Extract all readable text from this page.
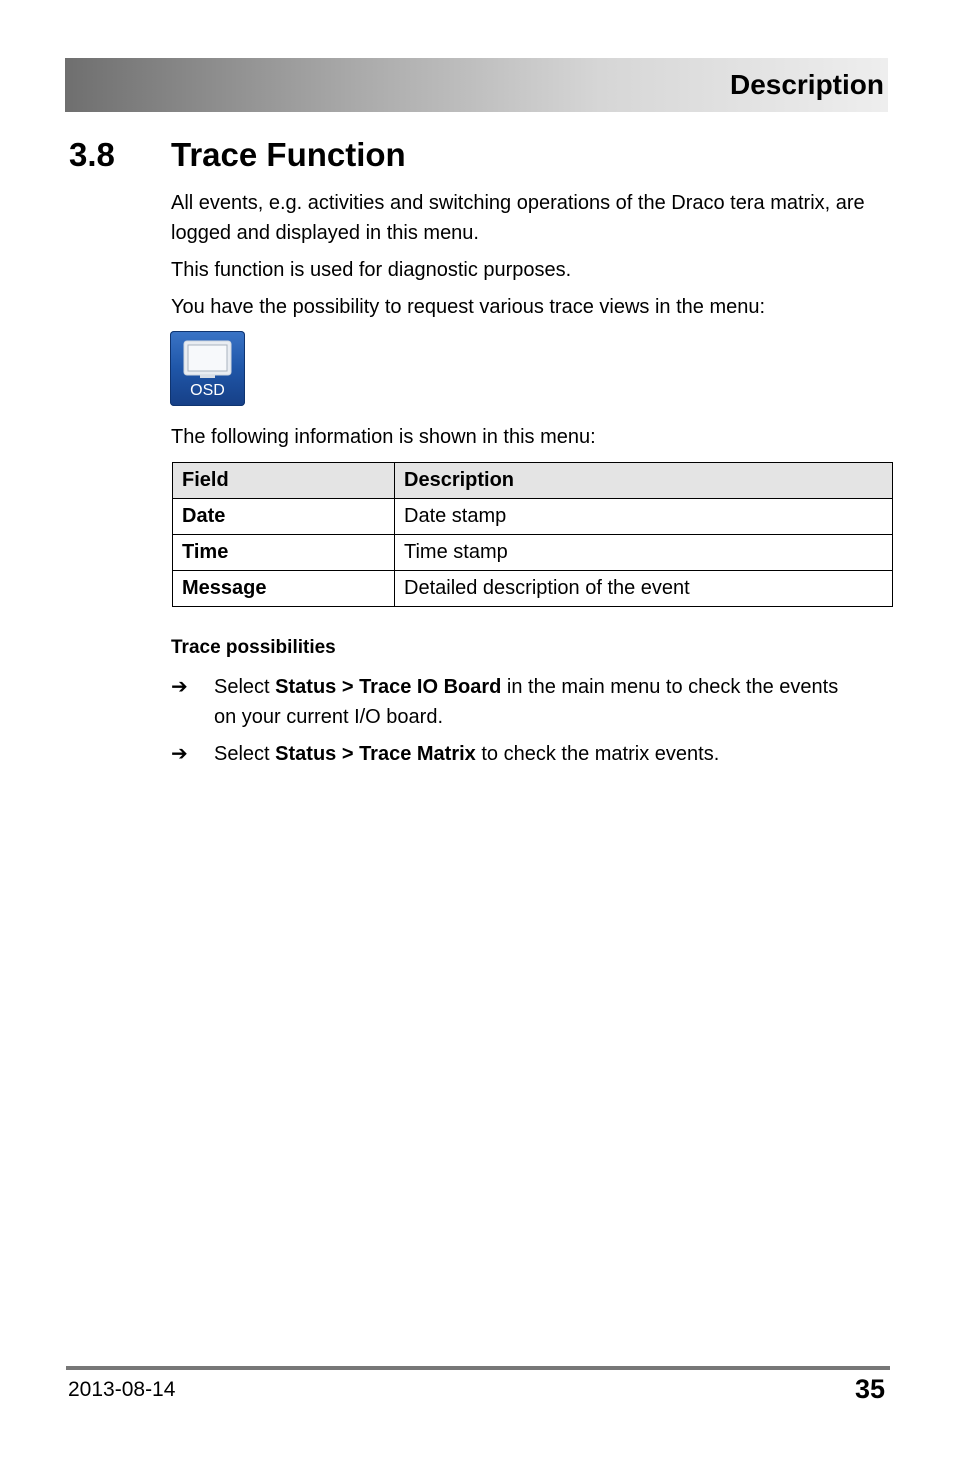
Description
3.8 Trace Function
All events, e.g. activities and switching operations of the Draco tera matrix, are logged and displayed in this menu.
This function is used for diagnostic purposes.
You have the possibility to request various trace views in the menu:
OSD
The following information is shown in this menu:
Field	Description
Date	Date stamp
Time	Time stamp
Message	Detailed description of the event
Trace possibilities
➔ Select Status > Trace IO Board in the main menu to check the events on your current I/O board.
➔ Select Status > Trace Matrix to check the matrix events.
2013-08-14	35
